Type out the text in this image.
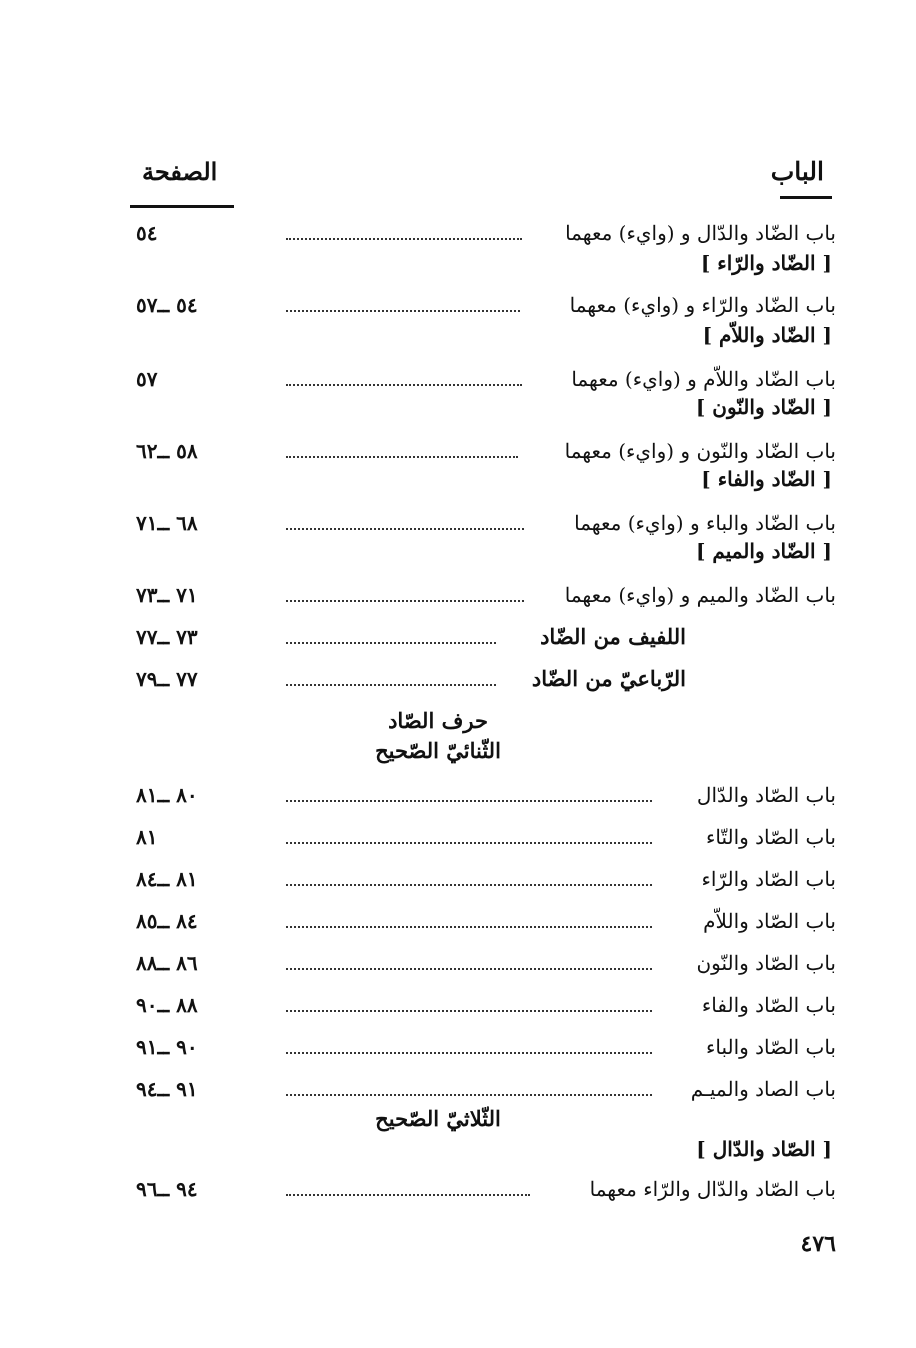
الباب
الصفحة
باب الضّاد والدّال و (وايء) معهما
٥٤
[ الضّاد والرّاء ]
باب الضّاد والرّاء و (وايء) معهما
٥٤ ــ٥٧
[ الضّاد واللاّم ]
باب الضّاد واللاّم و (وايء) معهما
٥٧
[ الضّاد والنّون ]
باب الضّاد والنّون و (وايء) معهما
٥٨ ــ٦٢
[ الضّاد والفاء ]
باب الضّاد والباء و (وايء) معهما
٦٨ ــ٧١
[ الضّاد والميم ]
باب الضّاد والميم و (وايء) معهما
٧١ ــ٧٣
اللفيف من الضّاد
٧٣ ــ٧٧
الرّباعيّ من الضّاد
٧٧ ــ٧٩
حرف الصّاد
الثّنائيّ الصّحيح
باب الصّاد والدّال
٨٠ ــ٨١
باب الصّاد والتّاء
٨١
باب الصّاد والرّاء
٨١ ــ٨٤
باب الصّاد واللاّم
٨٤ ــ٨٥
باب الصّاد والنّون
٨٦ ــ٨٨
باب الصّاد والفاء
٨٨ ــ٩٠
باب الصّاد والباء
٩٠ ــ٩١
باب الصاد والميـم
٩١ ــ٩٤
الثّلاثيّ الصّحيح
[ الصّاد والدّال ]
باب الصّاد والدّال والرّاء معهما
٩٤ ــ٩٦
٤٧٦
